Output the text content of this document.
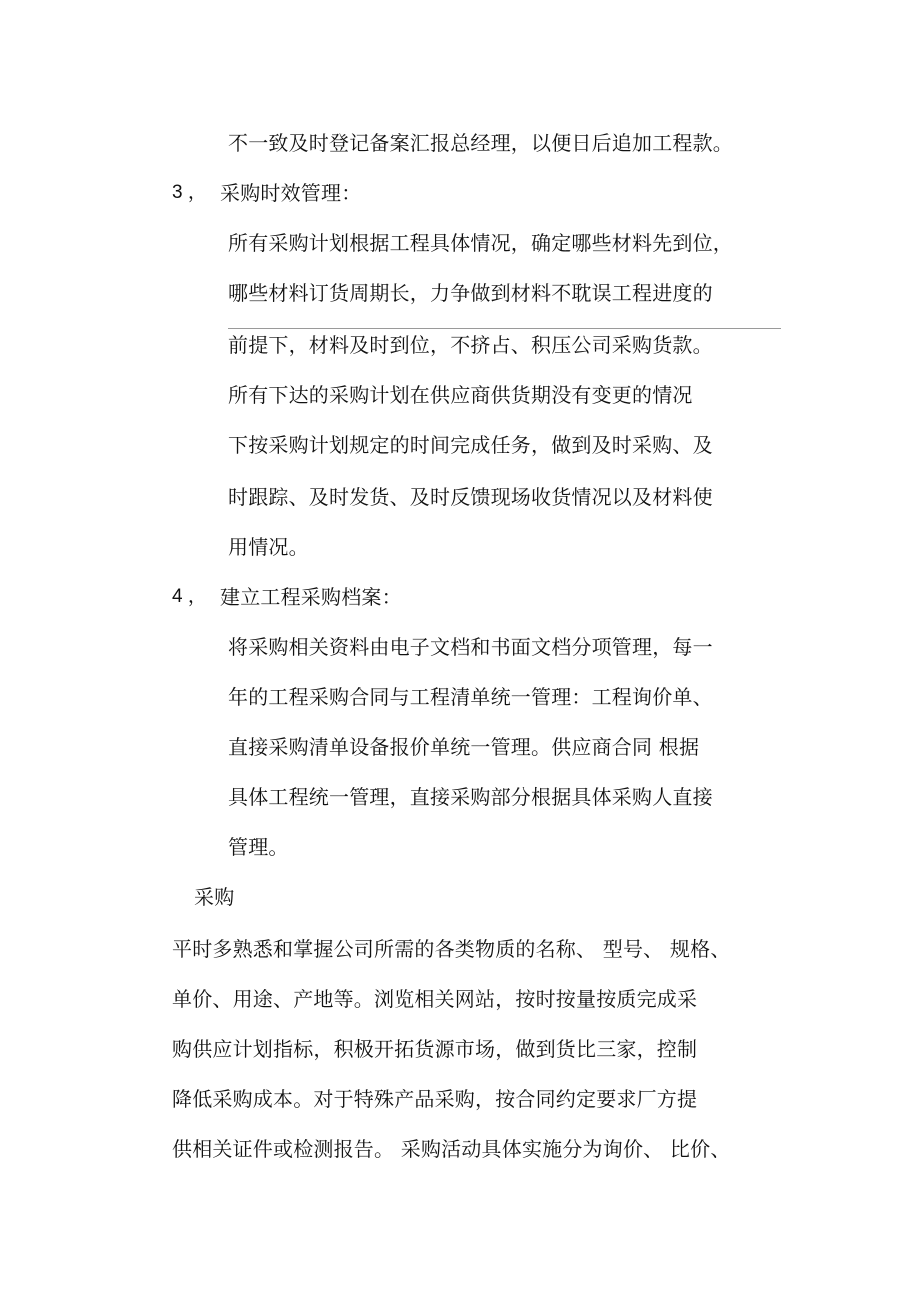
不一致及时登记备案汇报总经理，以便日后追加工程款。
3 ， 采购时效管理：
所有采购计划根据工程具体情况，确定哪些材料先到位，
哪些材料订货周期长，力争做到材料不耽误工程进度的
前提下，材料及时到位，不挤占、积压公司采购货款。
所有下达的采购计划在供应商供货期没有变更的情况
下按采购计划规定的时间完成任务，做到及时采购、及
时跟踪、及时发货、及时反馈现场收货情况以及材料使
用情况。
4 ， 建立工程采购档案：
将采购相关资料由电子文档和书面文档分项管理，每一
年的工程采购合同与工程清单统一管理：工程询价单、
直接采购清单设备报价单统一管理。供应商合同 根据
具体工程统一管理，直接采购部分根据具体采购人直接
管理。
采购
平时多熟悉和掌握公司所需的各类物质的名称、 型号、 规格、
单价、用途、产地等。浏览相关网站，按时按量按质完成采
购供应计划指标，积极开拓货源市场，做到货比三家，控制
降低采购成本。对于特殊产品采购，按合同约定要求厂方提
供相关证件或检测报告。 采购活动具体实施分为询价、 比价、
